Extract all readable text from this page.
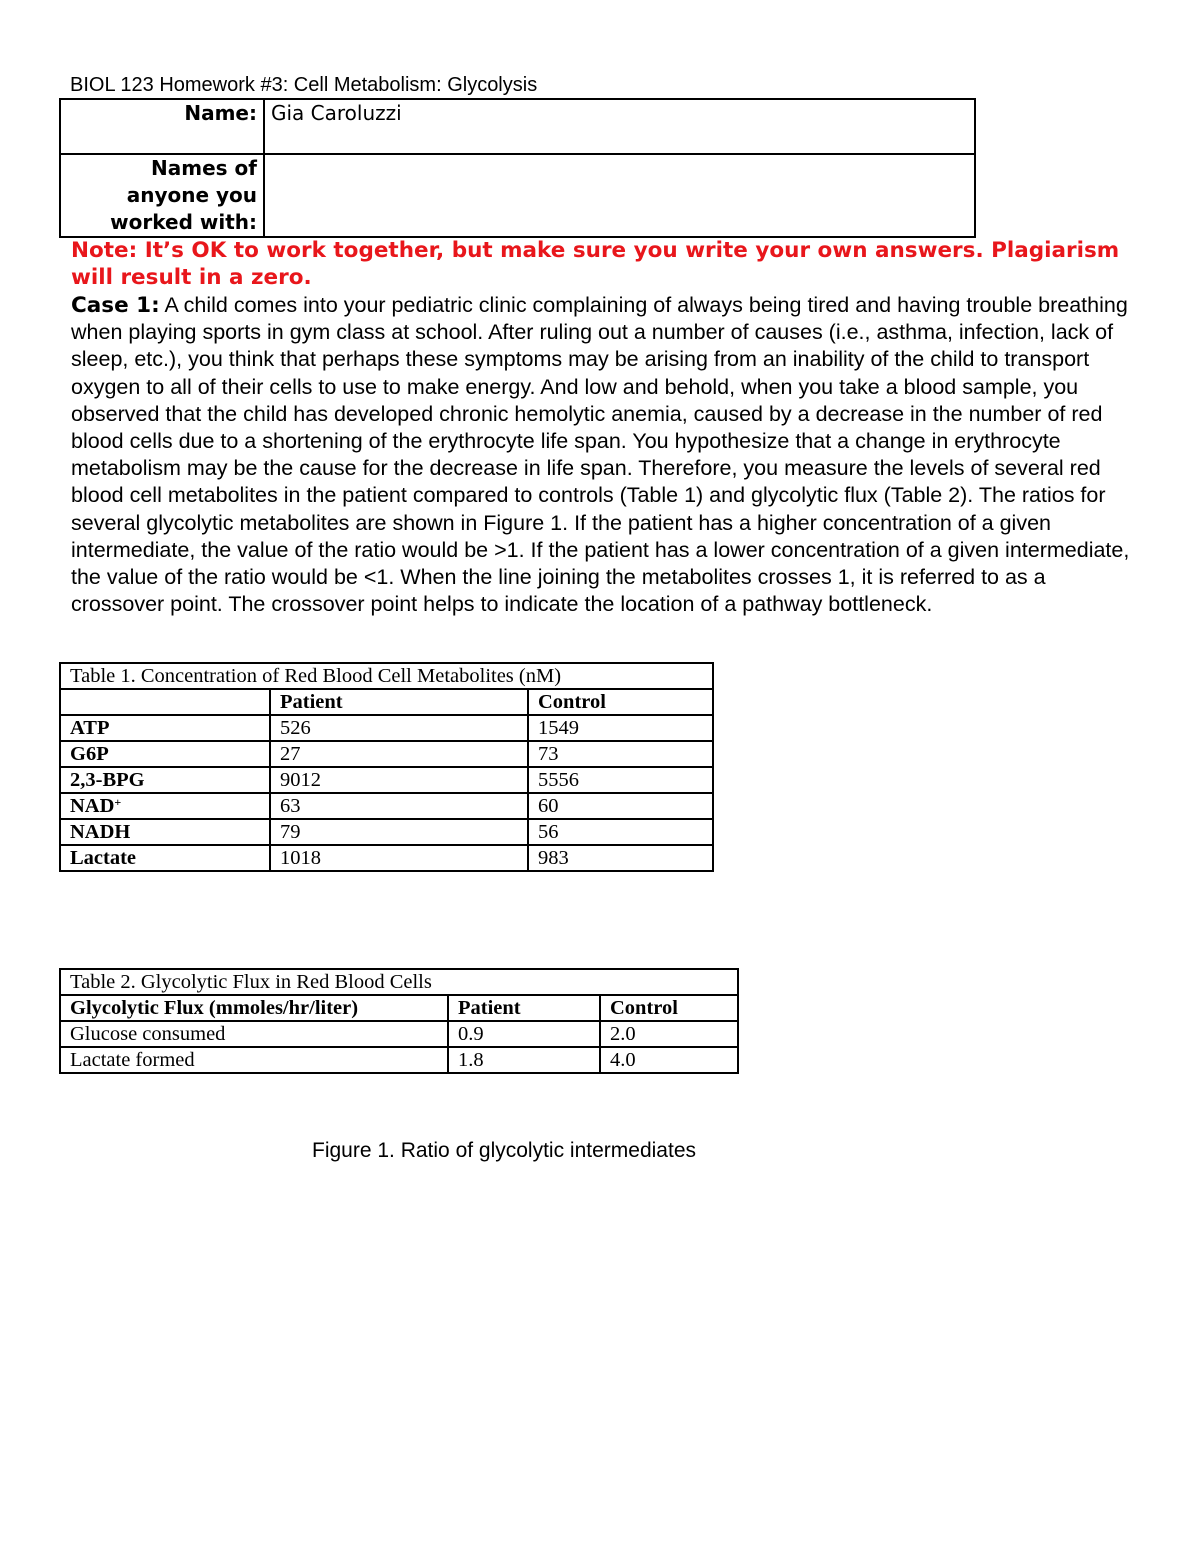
BIOL 123 Homework #3: Cell Metabolism: Glycolysis
Name:	Gia Caroluzzi
Names of anyone you worked with:	
Note: It’s OK to work together, but make sure you write your own answers. Plagiarism will result in a zero.
Case 1: A child comes into your pediatric clinic complaining of always being tired and having trouble breathing when playing sports in gym class at school. After ruling out a number of causes (i.e., asthma, infection, lack of sleep, etc.), you think that perhaps these symptoms may be arising from an inability of the child to transport oxygen to all of their cells to use to make energy. And low and behold, when you take a blood sample, you observed that the child has developed chronic hemolytic anemia, caused by a decrease in the number of red blood cells due to a shortening of the erythrocyte life span. You hypothesize that a change in erythrocyte metabolism may be the cause for the decrease in life span. Therefore, you measure the levels of several red blood cell metabolites in the patient compared to controls (Table 1) and glycolytic flux (Table 2). The ratios for several glycolytic metabolites are shown in Figure 1. If the patient has a higher concentration of a given intermediate, the value of the ratio would be >1. If the patient has a lower concentration of a given intermediate, the value of the ratio would be <1. When the line joining the metabolites crosses 1, it is referred to as a crossover point. The crossover point helps to indicate the location of a pathway bottleneck.
Table 1. Concentration of Red Blood Cell Metabolites (nM)		
	Patient	Control
ATP	526	1549
G6P	27	73
2,3-BPG	9012	5556
NAD+	63	60
NADH	79	56
Lactate	1018	983
Table 2. Glycolytic Flux in Red Blood Cells		
Glycolytic Flux (mmoles/hr/liter)	Patient	Control
Glucose consumed	0.9	2.0
Lactate formed	1.8	4.0
Figure 1. Ratio of glycolytic intermediates
